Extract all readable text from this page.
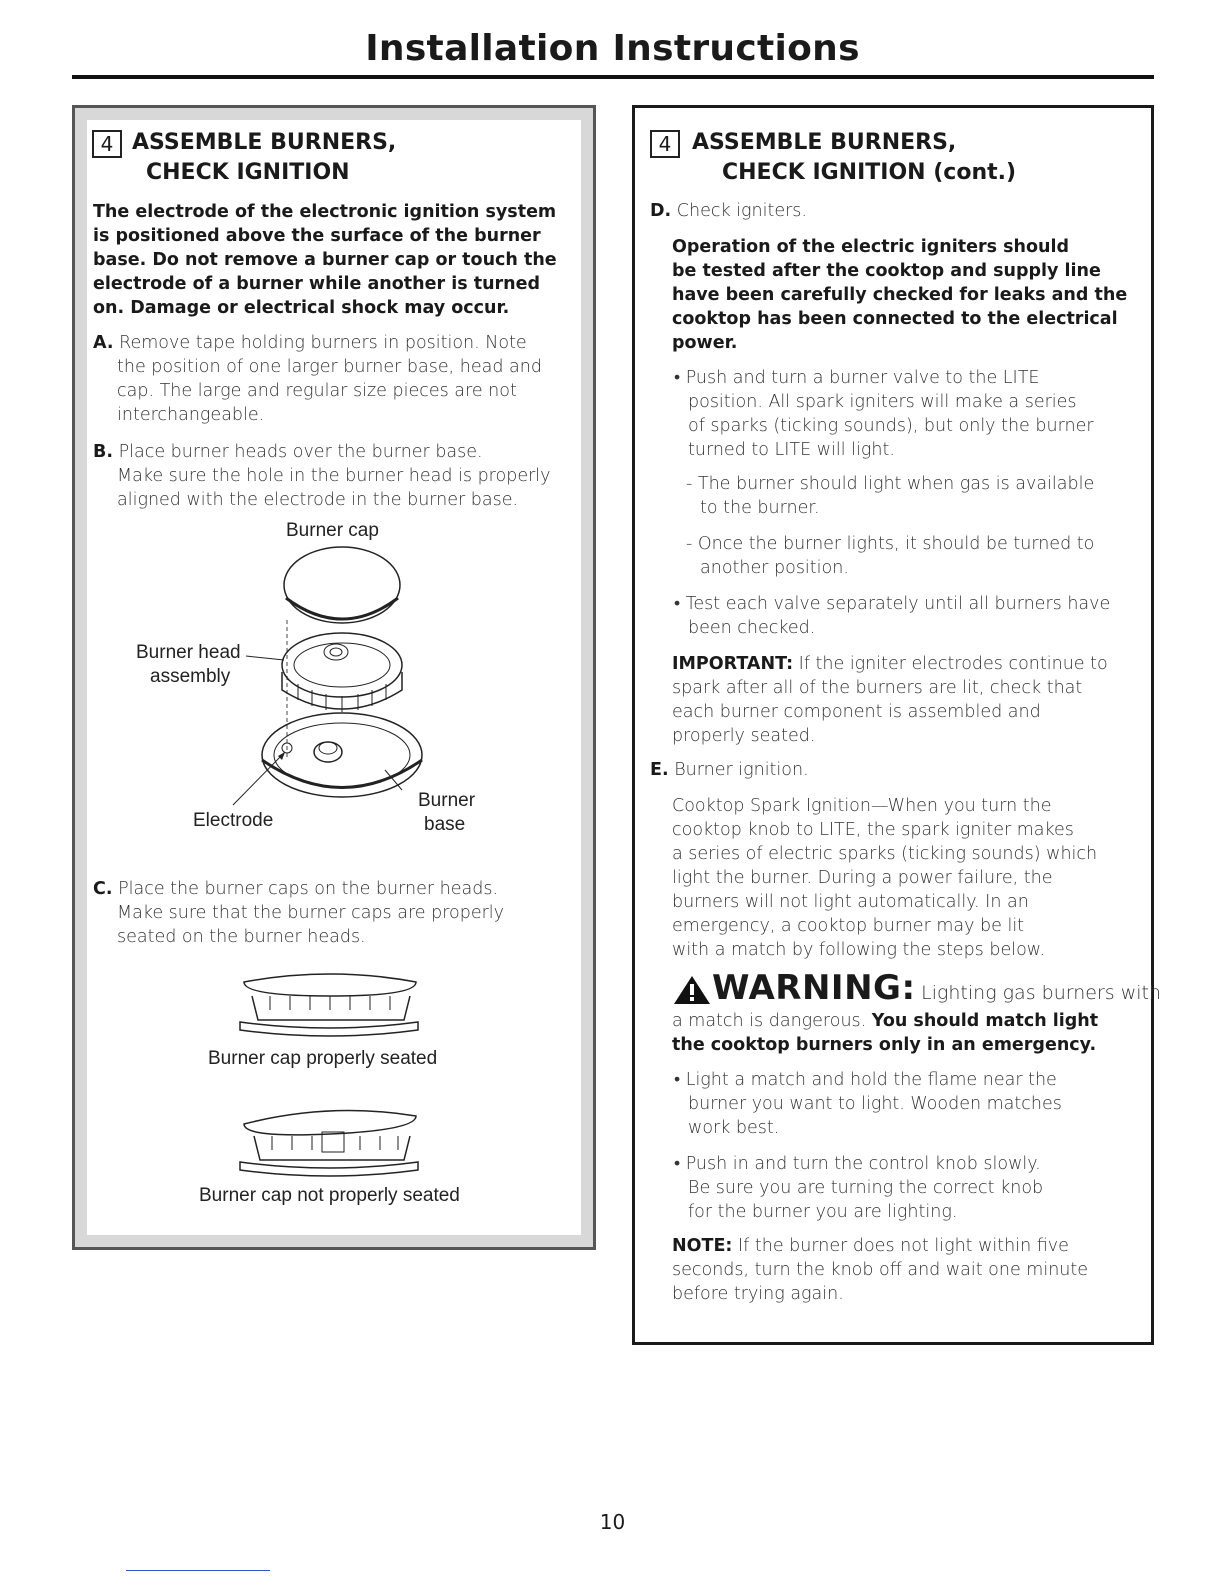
Installation Instructions
4 ASSEMBLE BURNERS,
CHECK IGNITION
The electrode of the electronic ignition system
is positioned above the surface of the burner
base. Do not remove a burner cap or touch the
electrode of a burner while another is turned
on. Damage or electrical shock may occur.
A. Remove tape holding burners in position. Note
the position of one larger burner base, head and
cap. The large and regular size pieces are not
interchangeable.
B. Place burner heads over the burner base.
Make sure the hole in the burner head is properly
aligned with the electrode in the burner base.
Burner cap
Burner head
assembly
Electrode
Burner
base
C. Place the burner caps on the burner heads.
Make sure that the burner caps are properly
seated on the burner heads.
Burner cap properly seated
Burner cap not properly seated
4 ASSEMBLE BURNERS,
CHECK IGNITION (cont.)
D. Check igniters.
Operation of the electric igniters should
be tested after the cooktop and supply line
have been carefully checked for leaks and the
cooktop has been connected to the electrical
power.
• Push and turn a burner valve to the LITE
position. All spark igniters will make a series
of sparks (ticking sounds), but only the burner
turned to LITE will light.
- The burner should light when gas is available
to the burner.
- Once the burner lights, it should be turned to
another position.
• Test each valve separately until all burners have
been checked.
IMPORTANT: If the igniter electrodes continue to
spark after all of the burners are lit, check that
each burner component is assembled and
properly seated.
E. Burner ignition.
Cooktop Spark Ignition—When you turn the
cooktop knob to LITE, the spark igniter makes
a series of electric sparks (ticking sounds) which
light the burner. During a power failure, the
burners will not light automatically. In an
emergency, a cooktop burner may be lit
with a match by following the steps below.
WARNING: Lighting gas burners with
a match is dangerous. You should match light
the cooktop burners only in an emergency.
• Light a match and hold the flame near the
burner you want to light. Wooden matches
work best.
• Push in and turn the control knob slowly.
Be sure you are turning the correct knob
for the burner you are lighting.
NOTE: If the burner does not light within five
seconds, turn the knob off and wait one minute
before trying again.
10
